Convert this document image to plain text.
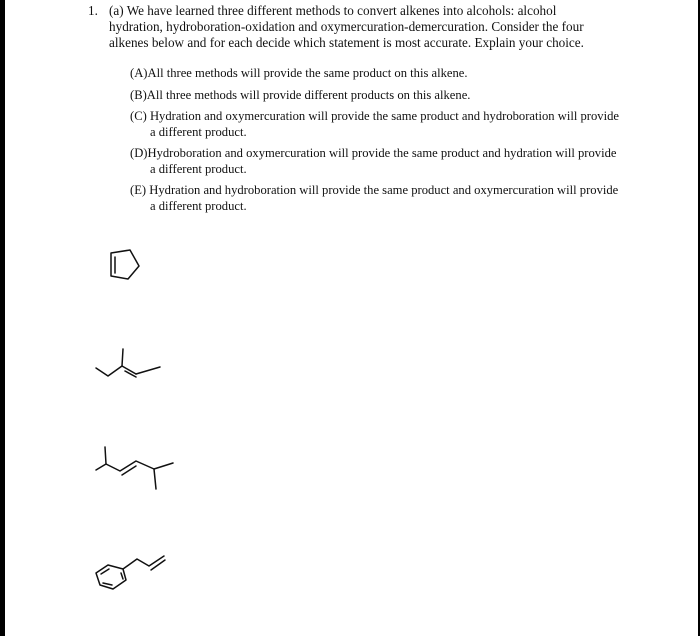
1. (a) We have learned three different methods to convert alkenes into alcohols: alcohol hydration, hydroboration-oxidation and oxymercuration-demercuration. Consider the four alkenes below and for each decide which statement is most accurate. Explain your choice.
(A)All three methods will provide the same product on this alkene.
(B)All three methods will provide different products on this alkene.
(C) Hydration and oxymercuration will provide the same product and hydroboration will provide a different product.
(D)Hydroboration and oxymercuration will provide the same product and hydration will provide a different product.
(E) Hydration and hydroboration will provide the same product and oxymercuration will provide a different product.
